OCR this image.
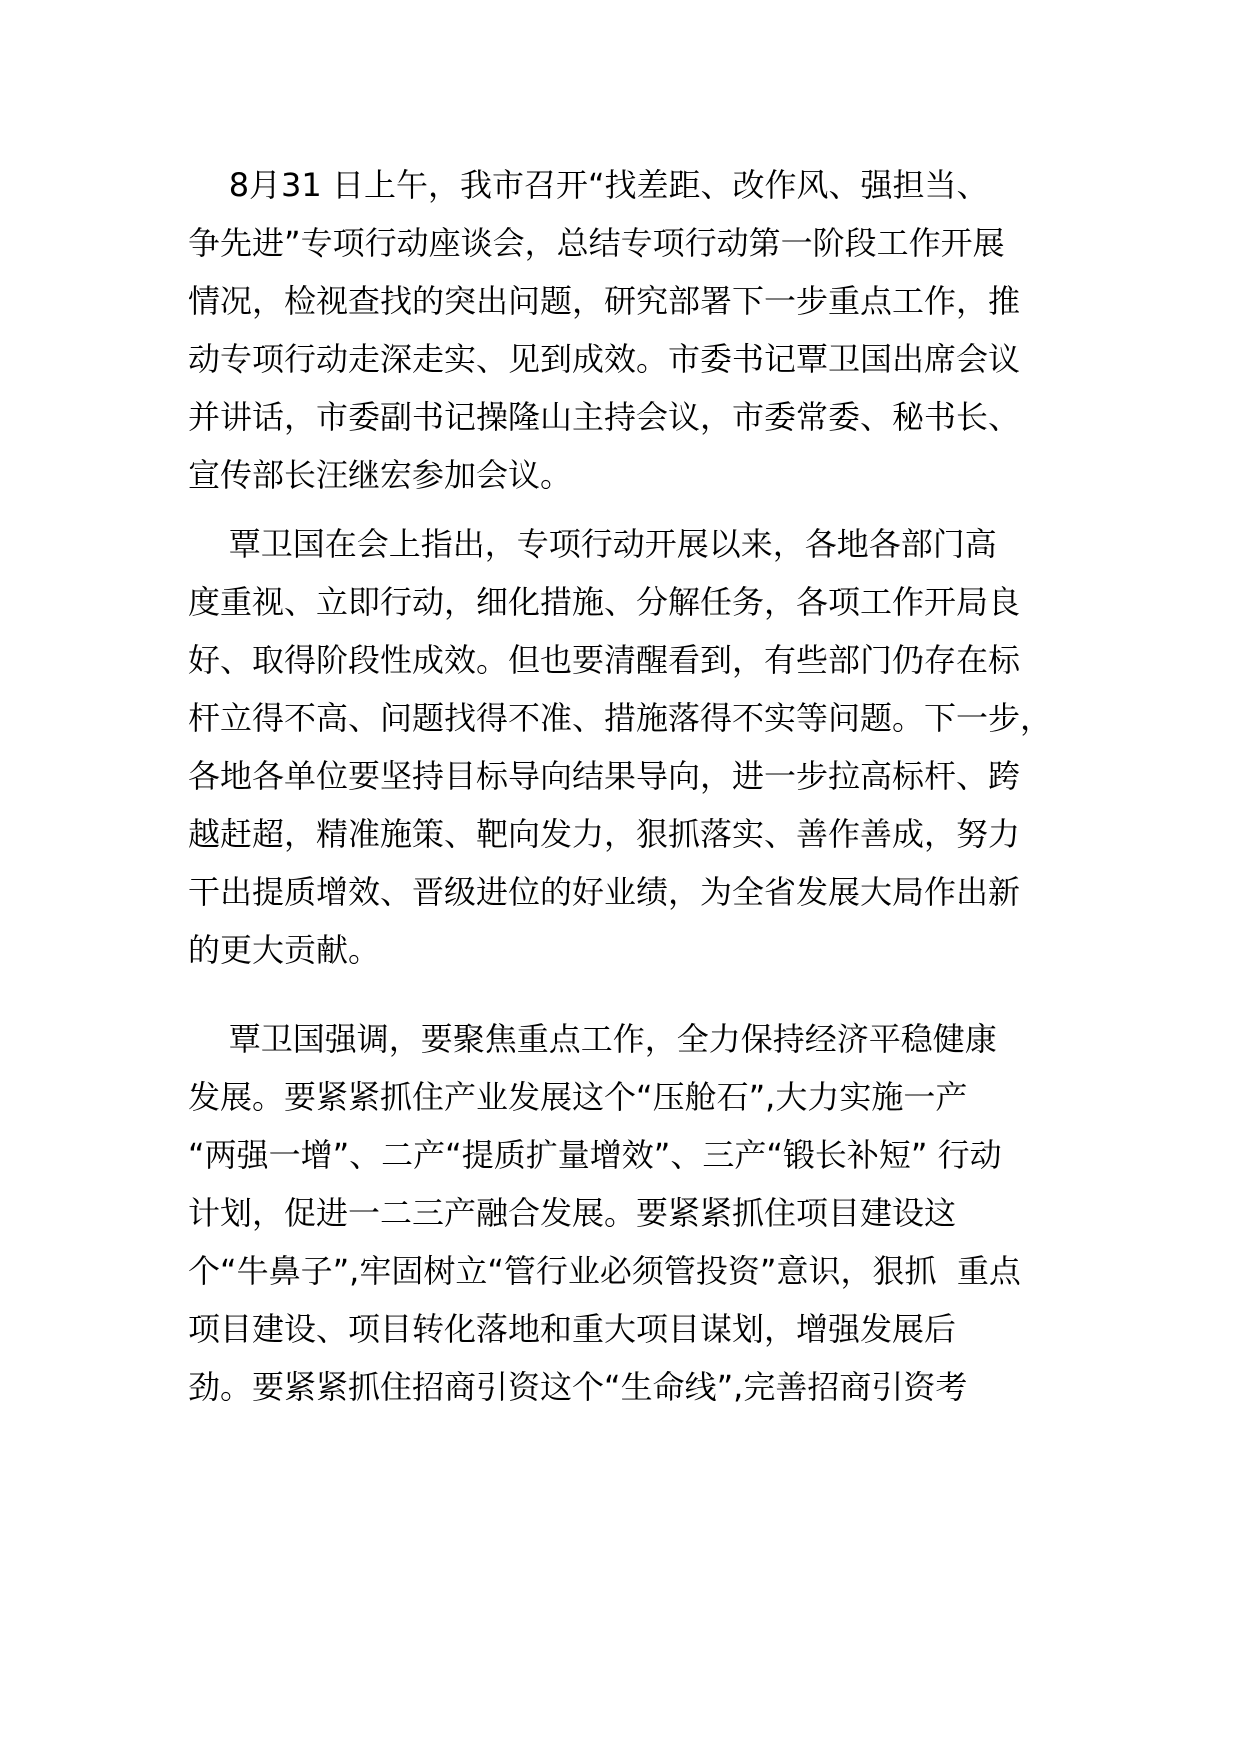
8月31 日上午，我市召开“找差距、改作风、强担当、
争先进”专项行动座谈会，总结专项行动第一阶段工作开展
情况，检视查找的突出问题，研究部署下一步重点工作，推
动专项行动走深走实、见到成效。市委书记覃卫国出席会议
并讲话，市委副书记操隆山主持会议，市委常委、秘书长、
宣传部长汪继宏参加会议。
覃卫国在会上指出，专项行动开展以来，各地各部门高
度重视、立即行动，细化措施、分解任务，各项工作开局良
好、取得阶段性成效。但也要清醒看到，有些部门仍存在标
杆立得不高、问题找得不准、措施落得不实等问题。下一步，
各地各单位要坚持目标导向结果导向，进一步拉高标杆、跨
越赶超，精准施策、靶向发力，狠抓落实、善作善成，努力
干出提质增效、晋级进位的好业绩，为全省发展大局作出新
的更大贡献。
覃卫国强调，要聚焦重点工作，全力保持经济平稳健康
发展。要紧紧抓住产业发展这个“压舱石”,大力实施一产
“两强一增”、二产“提质扩量增效”、三产“锻长补短” 行动
计划，促进一二三产融合发展。要紧紧抓住项目建设这
个“牛鼻子”,牢固树立“管行业必须管投资”意识，狠抓  重点
项目建设、项目转化落地和重大项目谋划，增强发展后
劲。要紧紧抓住招商引资这个“生命线”,完善招商引资考
